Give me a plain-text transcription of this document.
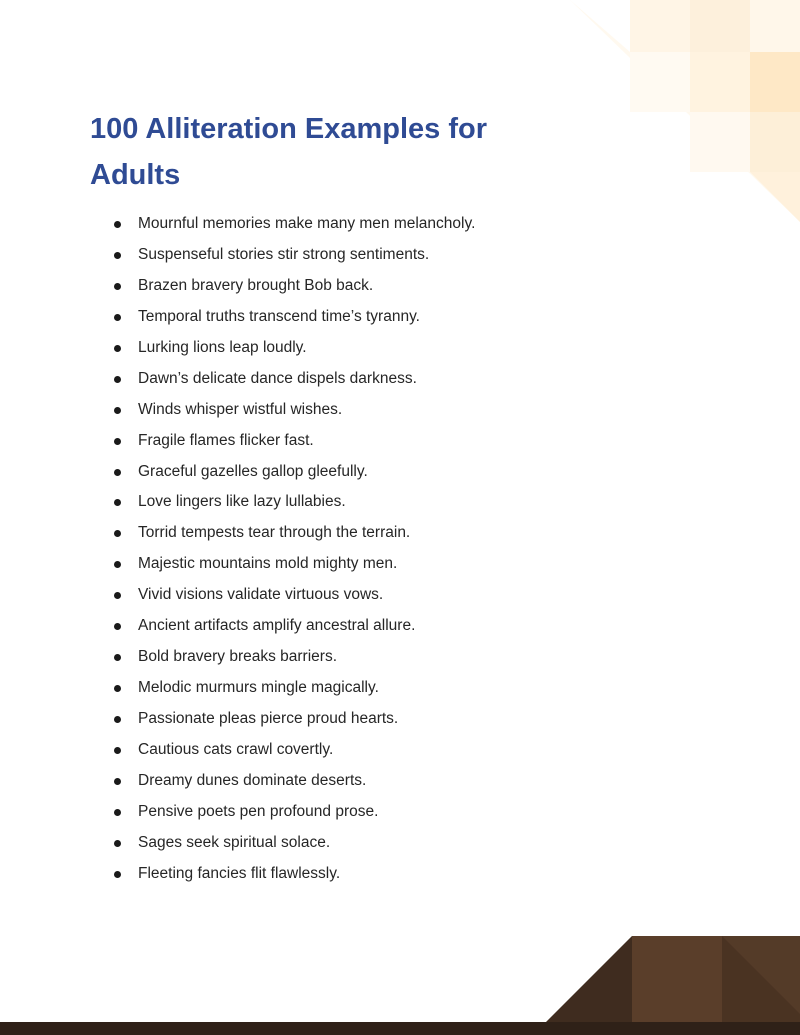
100 Alliteration Examples for Adults
Mournful memories make many men melancholy.
Suspenseful stories stir strong sentiments.
Brazen bravery brought Bob back.
Temporal truths transcend time’s tyranny.
Lurking lions leap loudly.
Dawn’s delicate dance dispels darkness.
Winds whisper wistful wishes.
Fragile flames flicker fast.
Graceful gazelles gallop gleefully.
Love lingers like lazy lullabies.
Torrid tempests tear through the terrain.
Majestic mountains mold mighty men.
Vivid visions validate virtuous vows.
Ancient artifacts amplify ancestral allure.
Bold bravery breaks barriers.
Melodic murmurs mingle magically.
Passionate pleas pierce proud hearts.
Cautious cats crawl covertly.
Dreamy dunes dominate deserts.
Pensive poets pen profound prose.
Sages seek spiritual solace.
Fleeting fancies flit flawlessly.
